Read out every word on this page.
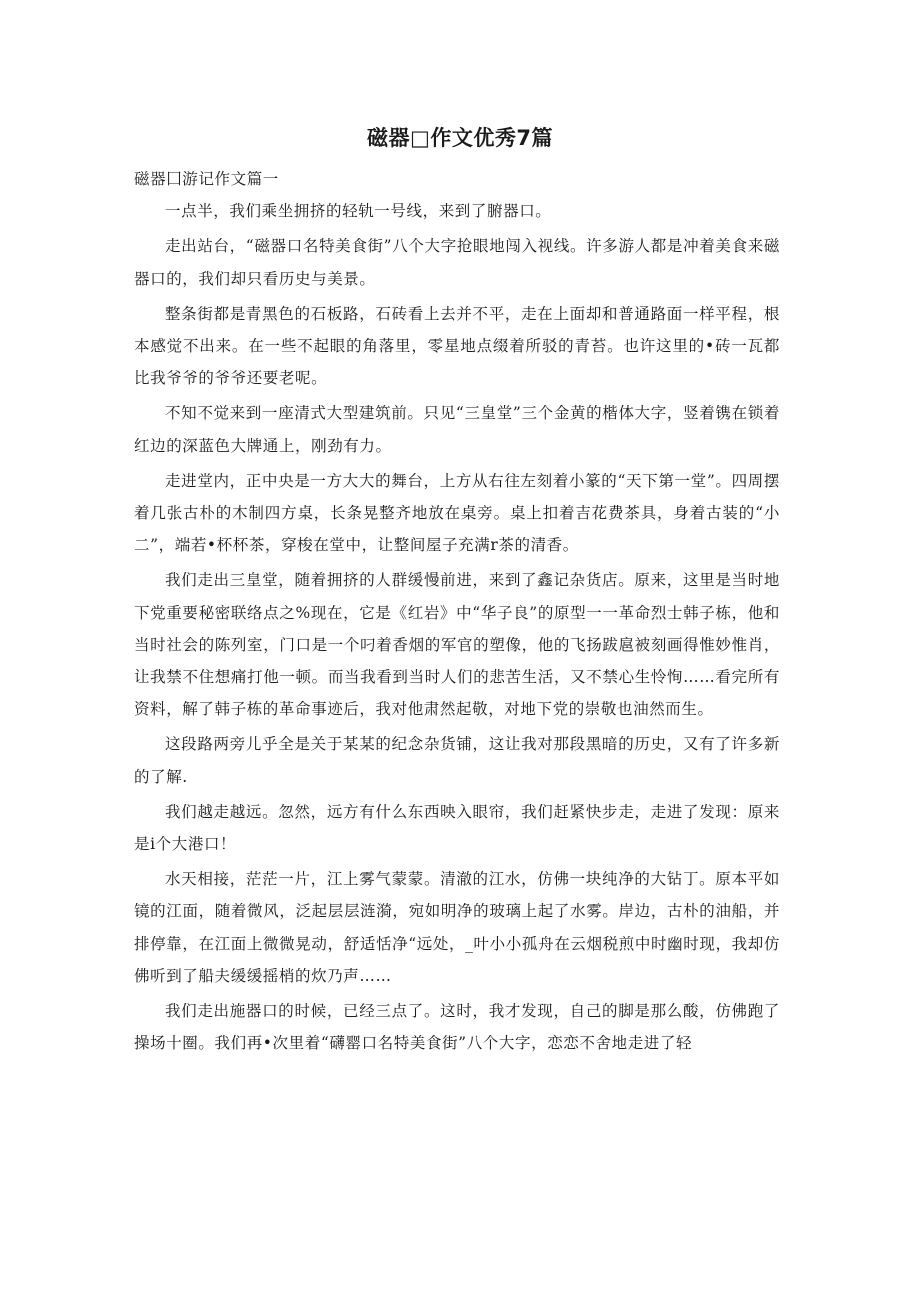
磁器□作文优秀7篇
磁器囗游记作文篇一

一点半，我们乘坐拥挤的轻轨一号线，来到了腑器口。

走出站台，“磁器口名特美食街”八个大字抢眼地闯入视线。许多游人都是冲着美食来磁器口的，我们却只看历史与美景。

整条街都是青黑色的石板路，石砖看上去并不平，走在上面却和普通路面一样平程，根本感觉不出来。在一些不起眼的角落里，零星地点缀着所驳的青苔。也许这里的•砖一瓦都比我爷爷的爷爷还要老呢。

不知不觉来到一座清式大型建筑前。只见“三皇堂”三个金黄的楷体大字，竖着镌在锁着红边的深蓝色大牌通上，刚劲有力。

走进堂内，正中央是一方大大的舞台，上方从右往左刻着小篆的“天下第一堂”。四周摆着几张古朴的木制四方桌，长条晃整齐地放在桌旁。桌上扣着吉花费茶具，身着古装的“小二”，端若•杯杯茶，穿梭在堂中，让整间屋子充满r茶的清香。

我们走出三皇堂，随着拥挤的人群缓慢前进，来到了鑫记杂货店。原来，这里是当时地下党重要秘密联络点之%现在，它是《红岩》中“华子良”的原型一一革命烈士韩子栋，他和当时社会的陈列室，门口是一个叼着香烟的军官的塑像，他的飞扬跋扈被刻画得惟妙惟肖，让我禁不住想痛打他一顿。而当我看到当时人们的悲苦生活，又不禁心生怜恂……看完所有资料，解了韩子栋的革命事迹后，我对他肃然起敬，对地下党的崇敬也油然而生。

这段路两旁儿乎全是关于某某的纪念杂货铺，这让我对那段黑暗的历史，又有了许多新的了解.

我们越走越远。忽然，远方有什么东西映入眼帘，我们赶紧快步走，走进了发现：原来是i个大港口！

水天相接，茫茫一片，江上雾气蒙蒙。清澈的江水，仿佛一块纯净的大钻丁。原本平如镜的江面，随着微风，泛起层层涟漪，宛如明净的玻璃上起了水雾。岸边，古朴的油船，并排停靠，在江面上微微晃动，舒适恬净“远处，_叶小小孤舟在云烟税煎中时幽时现，我却仿佛听到了船夫缓缓摇梢的炊乃声……

我们走出施器口的时候，已经三点了。这时，我才发现，自己的脚是那么酸，仿佛跑了操场十圈。我们再•次里着“礴罂口名特美食街”八个大字，恋恋不舍地走进了轻
